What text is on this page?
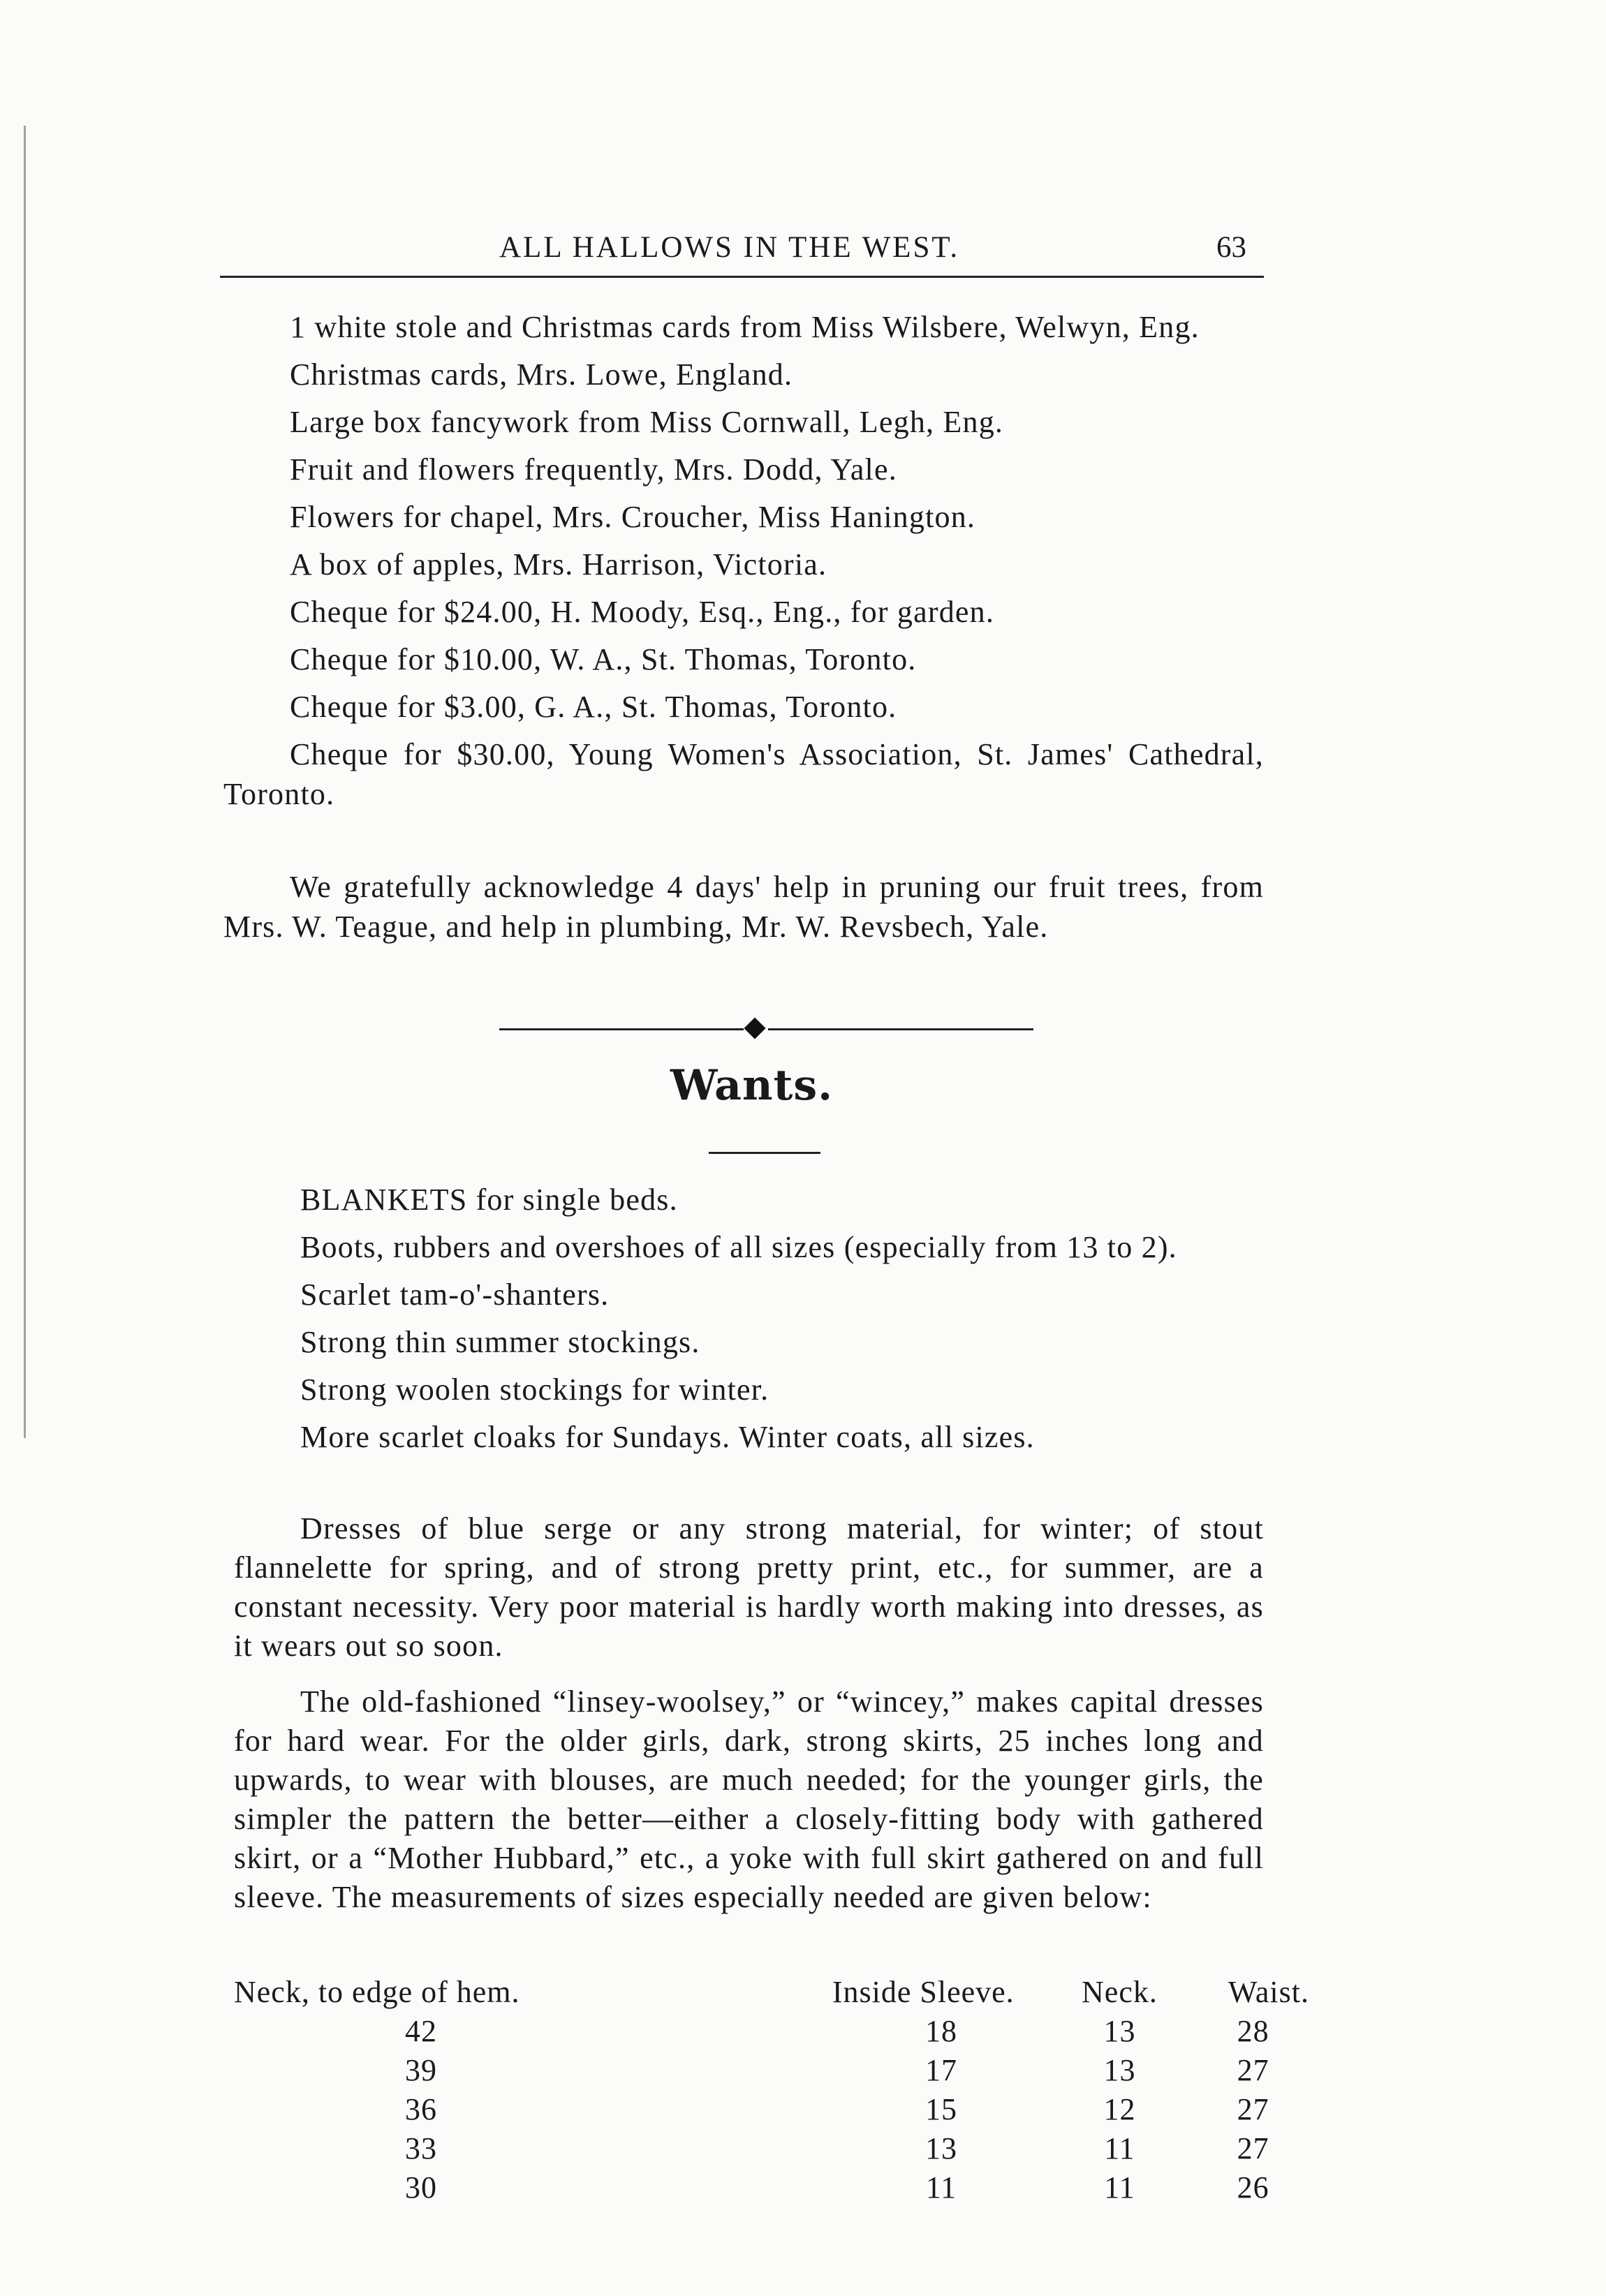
ALL HALLOWS IN THE WEST.	63

1 white stole and Christmas cards from Miss Wilsbere, Welwyn, Eng.

Christmas cards, Mrs. Lowe, England.

Large box fancywork from Miss Cornwall, Legh, Eng.

Fruit and flowers frequently, Mrs. Dodd, Yale.

Flowers for chapel, Mrs. Croucher, Miss Hanington.

A box of apples, Mrs. Harrison, Victoria.

Cheque for $24.00, H. Moody, Esq., Eng., for garden.

Cheque for $10.00, W. A., St. Thomas, Toronto.

Cheque for $3.00, G. A., St. Thomas, Toronto.

Cheque for $30.00, Young Women's Association, St. James' Cathedral, Toronto.

We gratefully acknowledge 4 days' help in pruning our fruit trees, from Mrs. W. Teague, and help in plumbing, Mr. W. Revsbech, Yale.

Wants.

BLANKETS for single beds.

Boots, rubbers and overshoes of all sizes (especially from 13 to 2).

Scarlet tam-o'-shanters.

Strong thin summer stockings.

Strong woolen stockings for winter.

More scarlet cloaks for Sundays. Winter coats, all sizes.

Dresses of blue serge or any strong material, for winter; of stout flannelette for spring, and of strong pretty print, etc., for summer, are a constant necessity. Very poor material is hardly worth making into dresses, as it wears out so soon.

The old-fashioned “linsey-woolsey,” or “wincey,” makes capital dresses for hard wear. For the older girls, dark, strong skirts, 25 inches long and upwards, to wear with blouses, are much needed; for the younger girls, the simpler the pattern the better—either a closely-fitting body with gathered skirt, or a “Mother Hubbard,” etc., a yoke with full skirt gathered on and full sleeve. The measurements of sizes especially needed are given below:

Neck, to edge of hem.	Inside Sleeve.	Neck.	Waist.
42	18	13	28
39	17	13	27
36	15	12	27
33	13	11	27
30	11	11	26
